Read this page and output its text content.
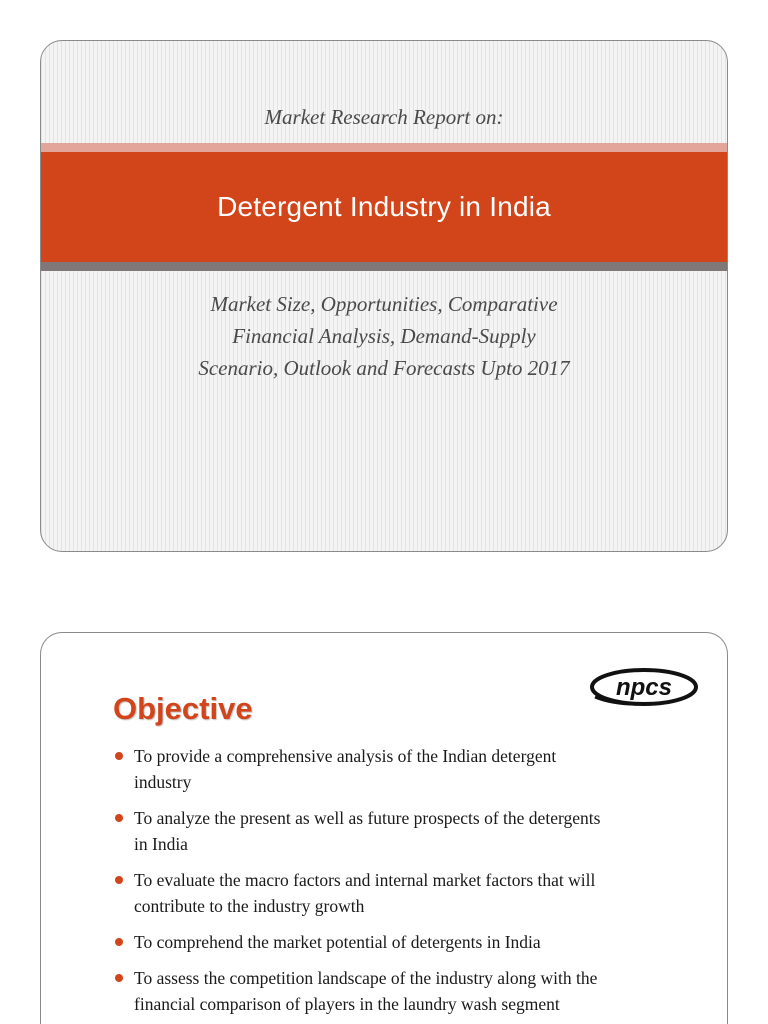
Market Research Report on:
Detergent Industry in India
Market Size, Opportunities, Comparative
Financial Analysis, Demand-Supply
Scenario, Outlook and Forecasts Upto 2017
Objective
npcs
To provide a comprehensive analysis of the Indian detergent
industry
To analyze the present as well as future prospects of the detergents
in India
To evaluate the macro factors and internal market factors that will
contribute to the industry growth
To comprehend the market potential of detergents in India
To assess the competition landscape of the industry along with the
financial comparison of players in the laundry wash segment
